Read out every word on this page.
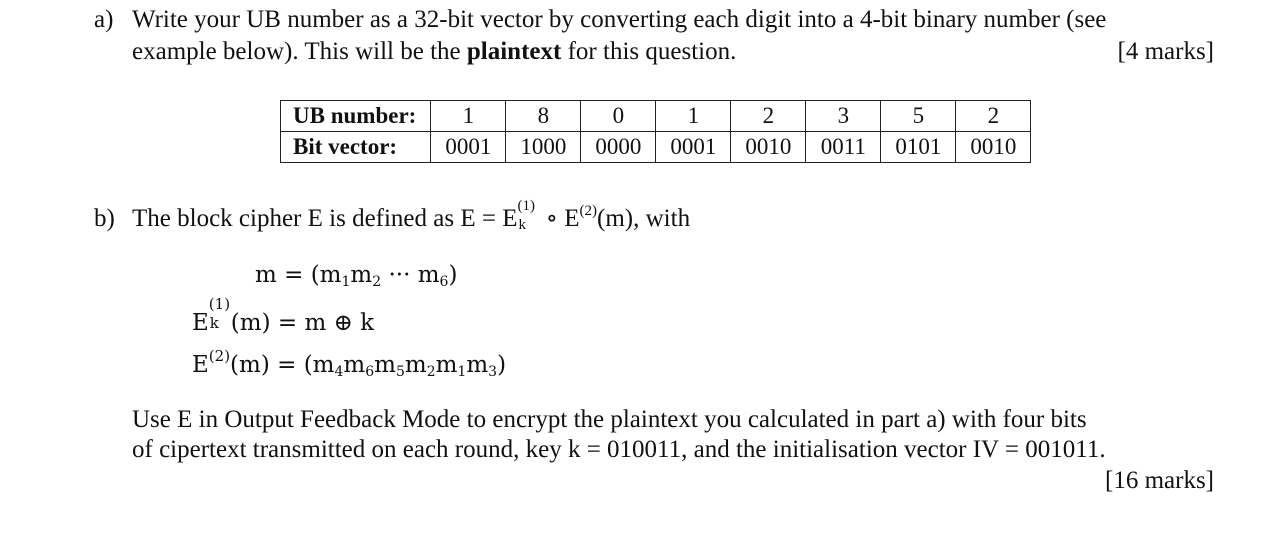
a) Write your UB number as a 32-bit vector by converting each digit into a 4-bit binary number (see
example below). This will be the plaintext for this question.	[4 marks]
UB number:	1	8	0	1	2	3	5	2
Bit vector:	0001	1000	0000	0001	0010	0011	0101	0010
b) The block cipher E is defined as E = E (1)
k ∘ $E^{(2)}(m)$, with
$m = (m_1m_2$ ··· $m_6$)
E
(1)
k (m) = m ⊕ k
$E^{(2)}(m) = (m_4m_6m_5m_2m_1m_3)$
Use E in Output Feedback Mode to encrypt the plaintext you calculated in part a) with four bits
of cipertext transmitted on each round, key k = 010011, and the initialisation vector IV = 001011.
[16 marks]
